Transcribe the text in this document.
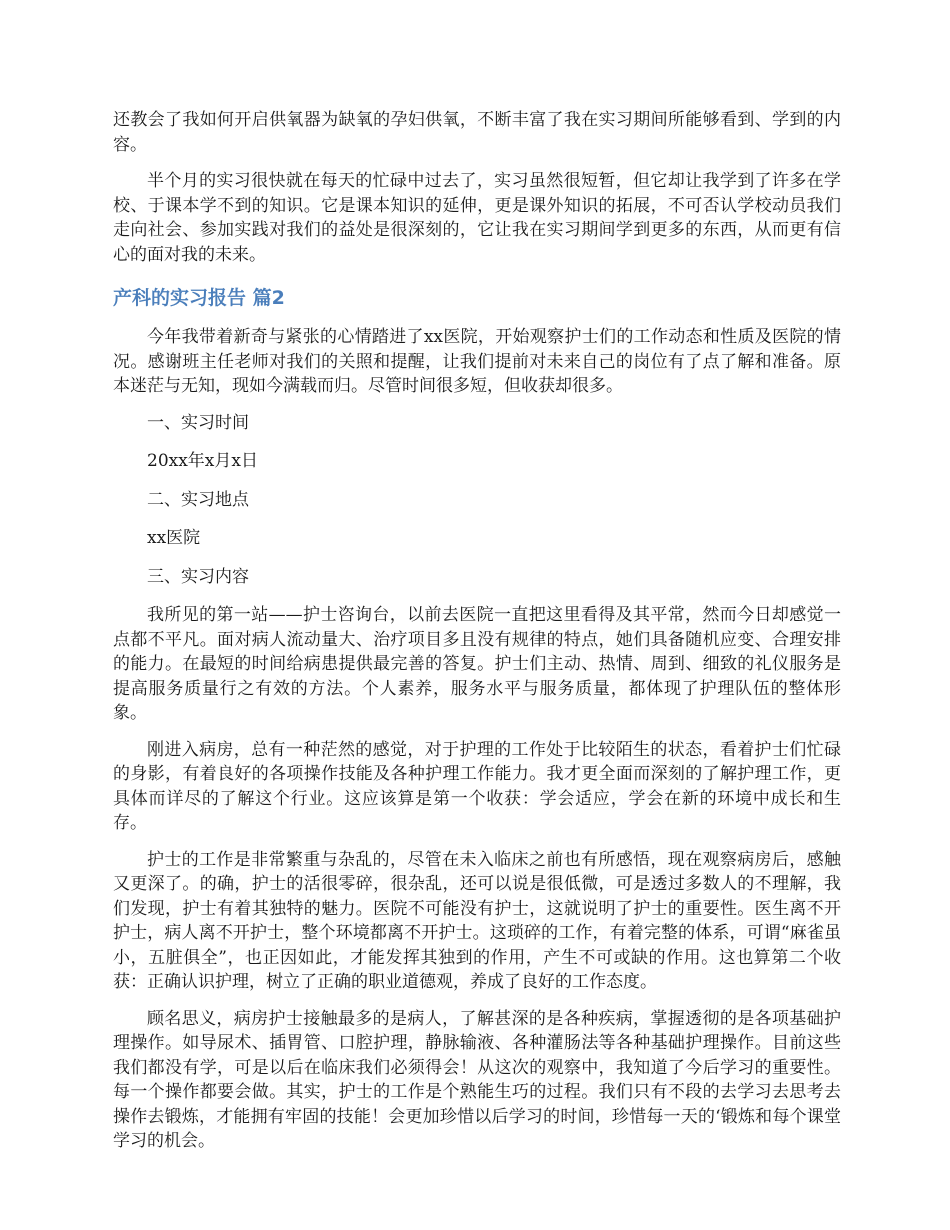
还教会了我如何开启供氧器为缺氧的孕妇供氧，不断丰富了我在实习期间所能够看到、学到的内容。

半个月的实习很快就在每天的忙碌中过去了，实习虽然很短暂，但它却让我学到了许多在学校、于课本学不到的知识。它是课本知识的延伸，更是课外知识的拓展，不可否认学校动员我们走向社会、参加实践对我们的益处是很深刻的，它让我在实习期间学到更多的东西，从而更有信心的面对我的未来。

产科的实习报告 篇2

今年我带着新奇与紧张的心情踏进了xx医院，开始观察护士们的工作动态和性质及医院的情况。感谢班主任老师对我们的关照和提醒，让我们提前对未来自己的岗位有了点了解和准备。原本迷茫与无知，现如今满载而归。尽管时间很多短，但收获却很多。

一、实习时间

20xx年x月x日

二、实习地点

xx医院

三、实习内容

我所见的第一站——护士咨询台，以前去医院一直把这里看得及其平常，然而今日却感觉一点都不平凡。面对病人流动量大、治疗项目多且没有规律的特点，她们具备随机应变、合理安排的能力。在最短的时间给病患提供最完善的答复。护士们主动、热情、周到、细致的礼仪服务是提高服务质量行之有效的方法。个人素养，服务水平与服务质量，都体现了护理队伍的整体形象。

刚进入病房，总有一种茫然的感觉，对于护理的工作处于比较陌生的状态，看着护士们忙碌的身影，有着良好的各项操作技能及各种护理工作能力。我才更全面而深刻的了解护理工作，更具体而详尽的了解这个行业。这应该算是第一个收获：学会适应，学会在新的环境中成长和生存。

护士的工作是非常繁重与杂乱的，尽管在未入临床之前也有所感悟，现在观察病房后，感触又更深了。的确，护士的活很零碎，很杂乱，还可以说是很低微，可是透过多数人的不理解，我们发现，护士有着其独特的魅力。医院不可能没有护士，这就说明了护士的重要性。医生离不开护士，病人离不开护士，整个环境都离不开护士。这琐碎的工作，有着完整的体系，可谓“麻雀虽小，五脏俱全”，也正因如此，才能发挥其独到的作用，产生不可或缺的作用。这也算第二个收获：正确认识护理，树立了正确的职业道德观，养成了良好的工作态度。

顾名思义，病房护士接触最多的是病人，了解甚深的是各种疾病，掌握透彻的是各项基础护理操作。如导尿术、插胃管、口腔护理，静脉输液、各种灌肠法等各种基础护理操作。目前这些我们都没有学，可是以后在临床我们必须得会！从这次的观察中，我知道了今后学习的重要性。每一个操作都要会做。其实，护士的工作是个熟能生巧的过程。我们只有不段的去学习去思考去操作去锻炼，才能拥有牢固的技能！会更加珍惜以后学习的时间，珍惜每一天的‘锻炼和每个课堂学习的机会。
